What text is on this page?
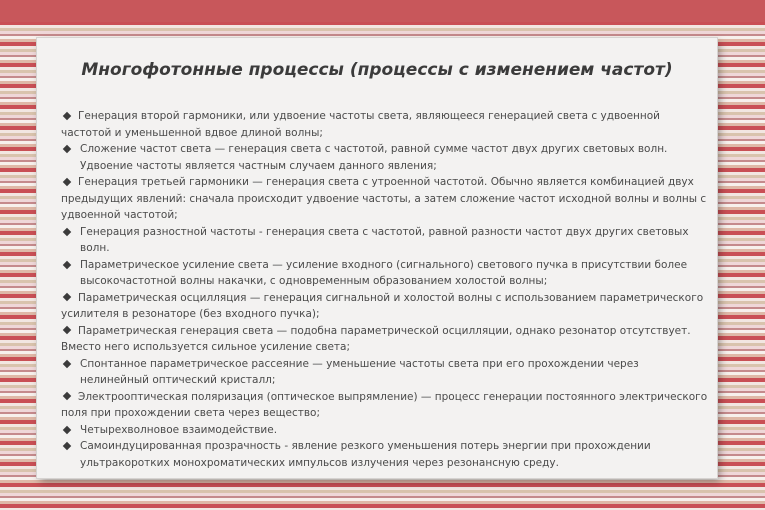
Многофотонные процессы (процессы с изменением частот)
Генерация второй гармоники, или удвоение частоты света, являющееся генерацией света с удвоенной частотой и уменьшенной вдвое длиной волны;
Сложение частот света — генерация света с частотой, равной сумме частот двух других световых волн. Удвоение частоты является частным случаем данного явления;
Генерация третьей гармоники — генерация света с утроенной частотой. Обычно является комбинацией двух предыдущих явлений: сначала происходит удвоение частоты, а затем сложение частот исходной волны и волны с удвоенной частотой;
Генерация разностной частоты - генерация света с частотой, равной разности частот двух других световых волн.
Параметрическое усиление света — усиление входного (сигнального) светового пучка в присутствии более высокочастотной волны накачки, с одновременным образованием холостой волны;
Параметрическая осцилляция — генерация сигнальной и холостой волны с использованием параметрического усилителя в резонаторе (без входного пучка);
Параметрическая генерация света — подобна параметрической осцилляции, однако резонатор отсутствует. Вместо него используется сильное усиление света;
Спонтанное параметрическое рассеяние — уменьшение частоты света при его прохождении через нелинейный оптический кристалл;
Электрооптическая поляризация (оптическое выпрямление) — процесс генерации постоянного электрического поля при прохождении света через вещество;
Четырехволновое взаимодействие.
Самоиндуцированная прозрачность - явление резкого уменьшения потерь энергии при прохождении ультракоротких монохроматических импульсов излучения через резонансную среду.
